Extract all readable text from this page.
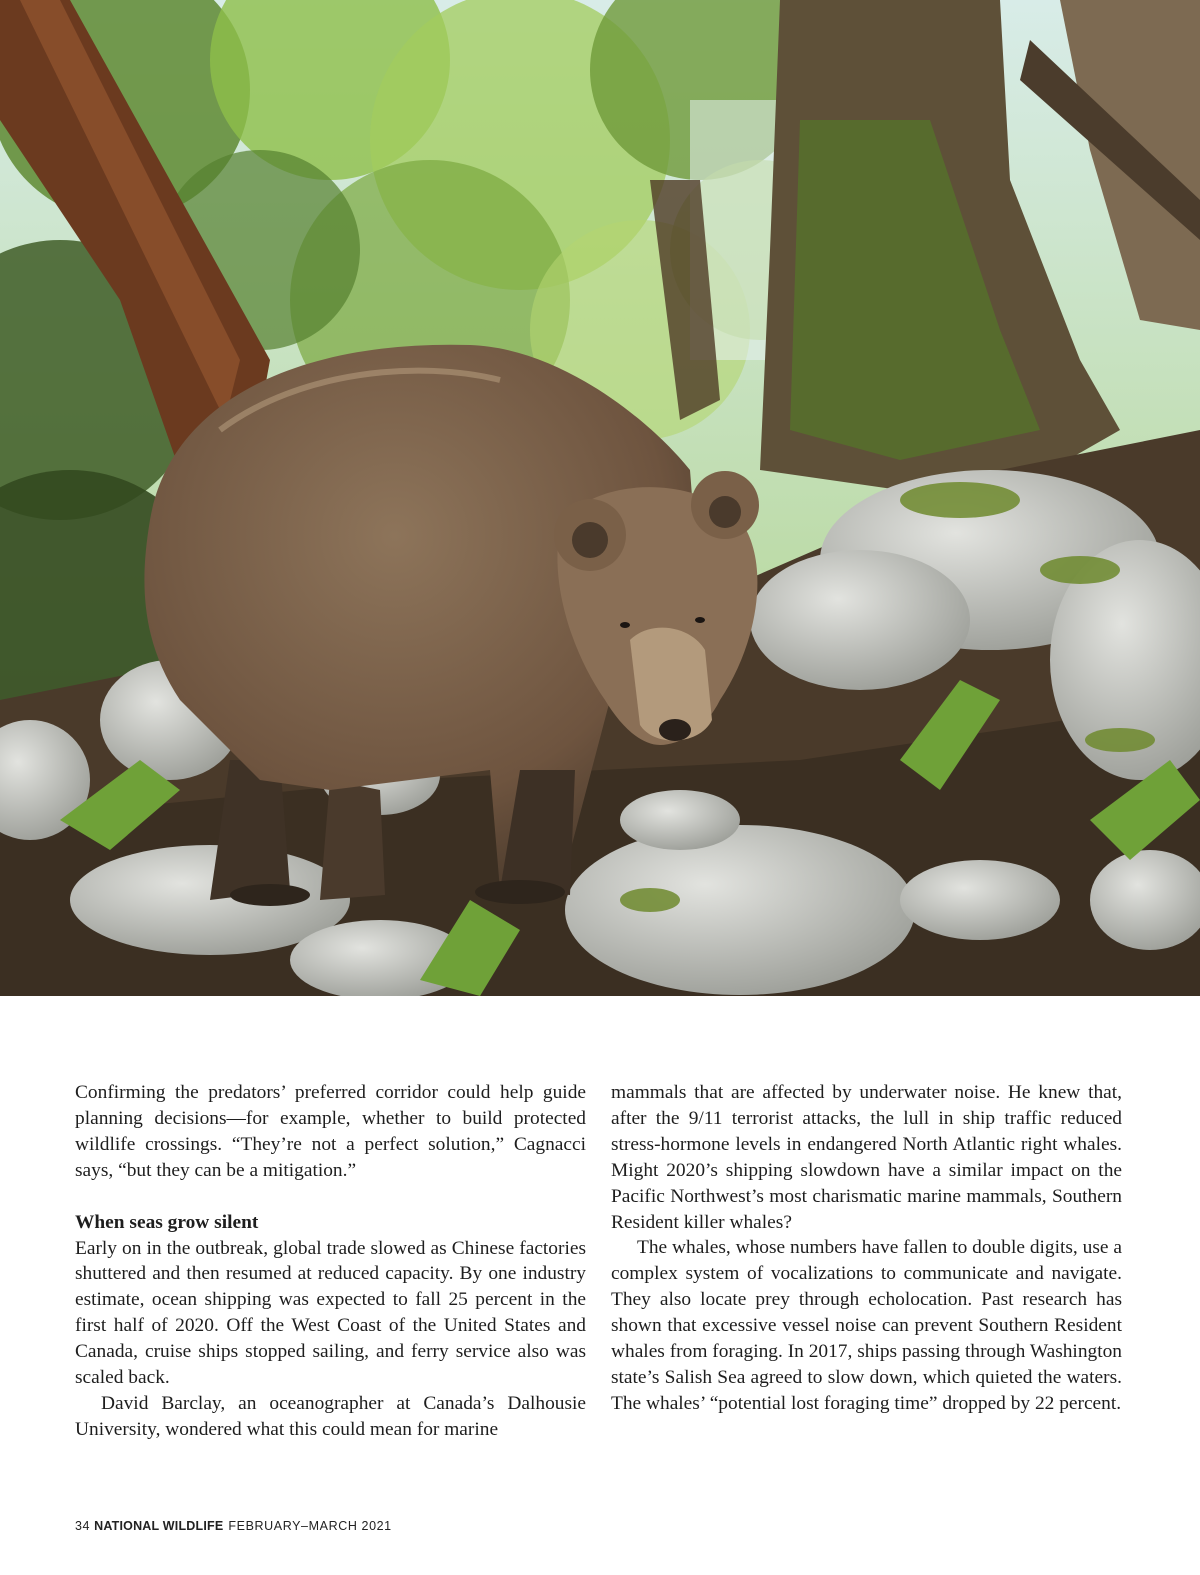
Confirming the predators’ preferred corridor could help guide planning decisions—for example, whether to build protected wildlife crossings. “They’re not a perfect solution,” Cagnacci says, “but they can be a mitigation.”

When seas grow silent

Early on in the outbreak, global trade slowed as Chinese factories shuttered and then resumed at reduced capacity. By one industry estimate, ocean shipping was expected to fall 25 percent in the first half of 2020. Off the West Coast of the United States and Canada, cruise ships stopped sailing, and ferry service also was scaled back.

David Barclay, an oceanographer at Canada’s Dalhousie University, wondered what this could mean for marine

mammals that are affected by underwater noise. He knew that, after the 9/11 terrorist attacks, the lull in ship traffic reduced stress-hormone levels in endangered North Atlantic right whales. Might 2020’s shipping slowdown have a similar impact on the Pacific Northwest’s most charismatic marine mammals, Southern Resident killer whales?

The whales, whose numbers have fallen to double digits, use a complex system of vocalizations to communicate and navigate. They also locate prey through echolocation. Past research has shown that excessive vessel noise can prevent Southern Resident whales from foraging. In 2017, ships passing through Washington state’s Salish Sea agreed to slow down, which quieted the waters. The whales’ “potential lost foraging time” dropped by 22 percent.

34 NATIONAL WILDLIFE FEBRUARY–MARCH 2021
